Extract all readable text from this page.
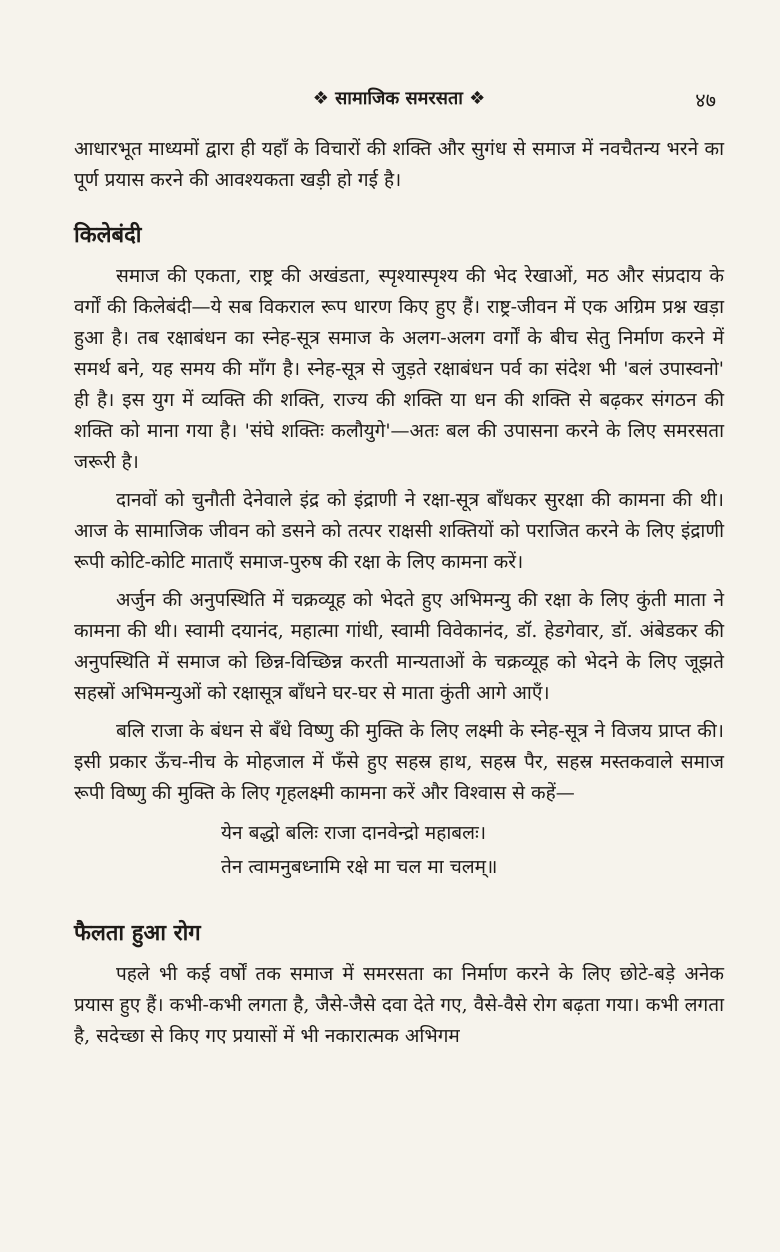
❖ सामाजिक समरसता ❖	४७

आधारभूत माध्यमों द्वारा ही यहाँ के विचारों की शक्ति और सुगंध से समाज में नवचैतन्य भरने का पूर्ण प्रयास करने की आवश्यकता खड़ी हो गई है।

किलेबंदी

समाज की एकता, राष्ट्र की अखंडता, स्पृश्यास्पृश्य की भेद रेखाओं, मठ और संप्रदाय के वर्गों की किलेबंदी—ये सब विकराल रूप धारण किए हुए हैं। राष्ट्र-जीवन में एक अग्रिम प्रश्न खड़ा हुआ है। तब रक्षाबंधन का स्नेह-सूत्र समाज के अलग-अलग वर्गों के बीच सेतु निर्माण करने में समर्थ बने, यह समय की माँग है। स्नेह-सूत्र से जुड़ते रक्षाबंधन पर्व का संदेश भी 'बलं उपास्वनो' ही है। इस युग में व्यक्ति की शक्ति, राज्य की शक्ति या धन की शक्ति से बढ़कर संगठन की शक्ति को माना गया है। 'संघे शक्तिः कलौयुगे'—अतः बल की उपासना करने के लिए समरसता जरूरी है।

दानवों को चुनौती देनेवाले इंद्र को इंद्राणी ने रक्षा-सूत्र बाँधकर सुरक्षा की कामना की थी। आज के सामाजिक जीवन को डसने को तत्पर राक्षसी शक्तियों को पराजित करने के लिए इंद्राणी रूपी कोटि-कोटि माताएँ समाज-पुरुष की रक्षा के लिए कामना करें।

अर्जुन की अनुपस्थिति में चक्रव्यूह को भेदते हुए अभिमन्यु की रक्षा के लिए कुंती माता ने कामना की थी। स्वामी दयानंद, महात्मा गांधी, स्वामी विवेकानंद, डॉ. हेडगेवार, डॉ. अंबेडकर की अनुपस्थिति में समाज को छिन्न-विच्छिन्न करती मान्यताओं के चक्रव्यूह को भेदने के लिए जूझते सहस्रों अभिमन्युओं को रक्षासूत्र बाँधने घर-घर से माता कुंती आगे आएँ।

बलि राजा के बंधन से बँधे विष्णु की मुक्ति के लिए लक्ष्मी के स्नेह-सूत्र ने विजय प्राप्त की। इसी प्रकार ऊँच-नीच के मोहजाल में फँसे हुए सहस्र हाथ, सहस्र पैर, सहस्र मस्तकवाले समाज रूपी विष्णु की मुक्ति के लिए गृहलक्ष्मी कामना करें और विश्वास से कहें—

येन बद्धो बलिः राजा दानवेन्द्रो महाबलः।
तेन त्वामनुबध्नामि रक्षे मा चल मा चलम्॥
फैलता हुआ रोग

पहले भी कई वर्षों तक समाज में समरसता का निर्माण करने के लिए छोटे-बड़े अनेक प्रयास हुए हैं। कभी-कभी लगता है, जैसे-जैसे दवा देते गए, वैसे-वैसे रोग बढ़ता गया। कभी लगता है, सदेच्छा से किए गए प्रयासों में भी नकारात्मक अभिगम
